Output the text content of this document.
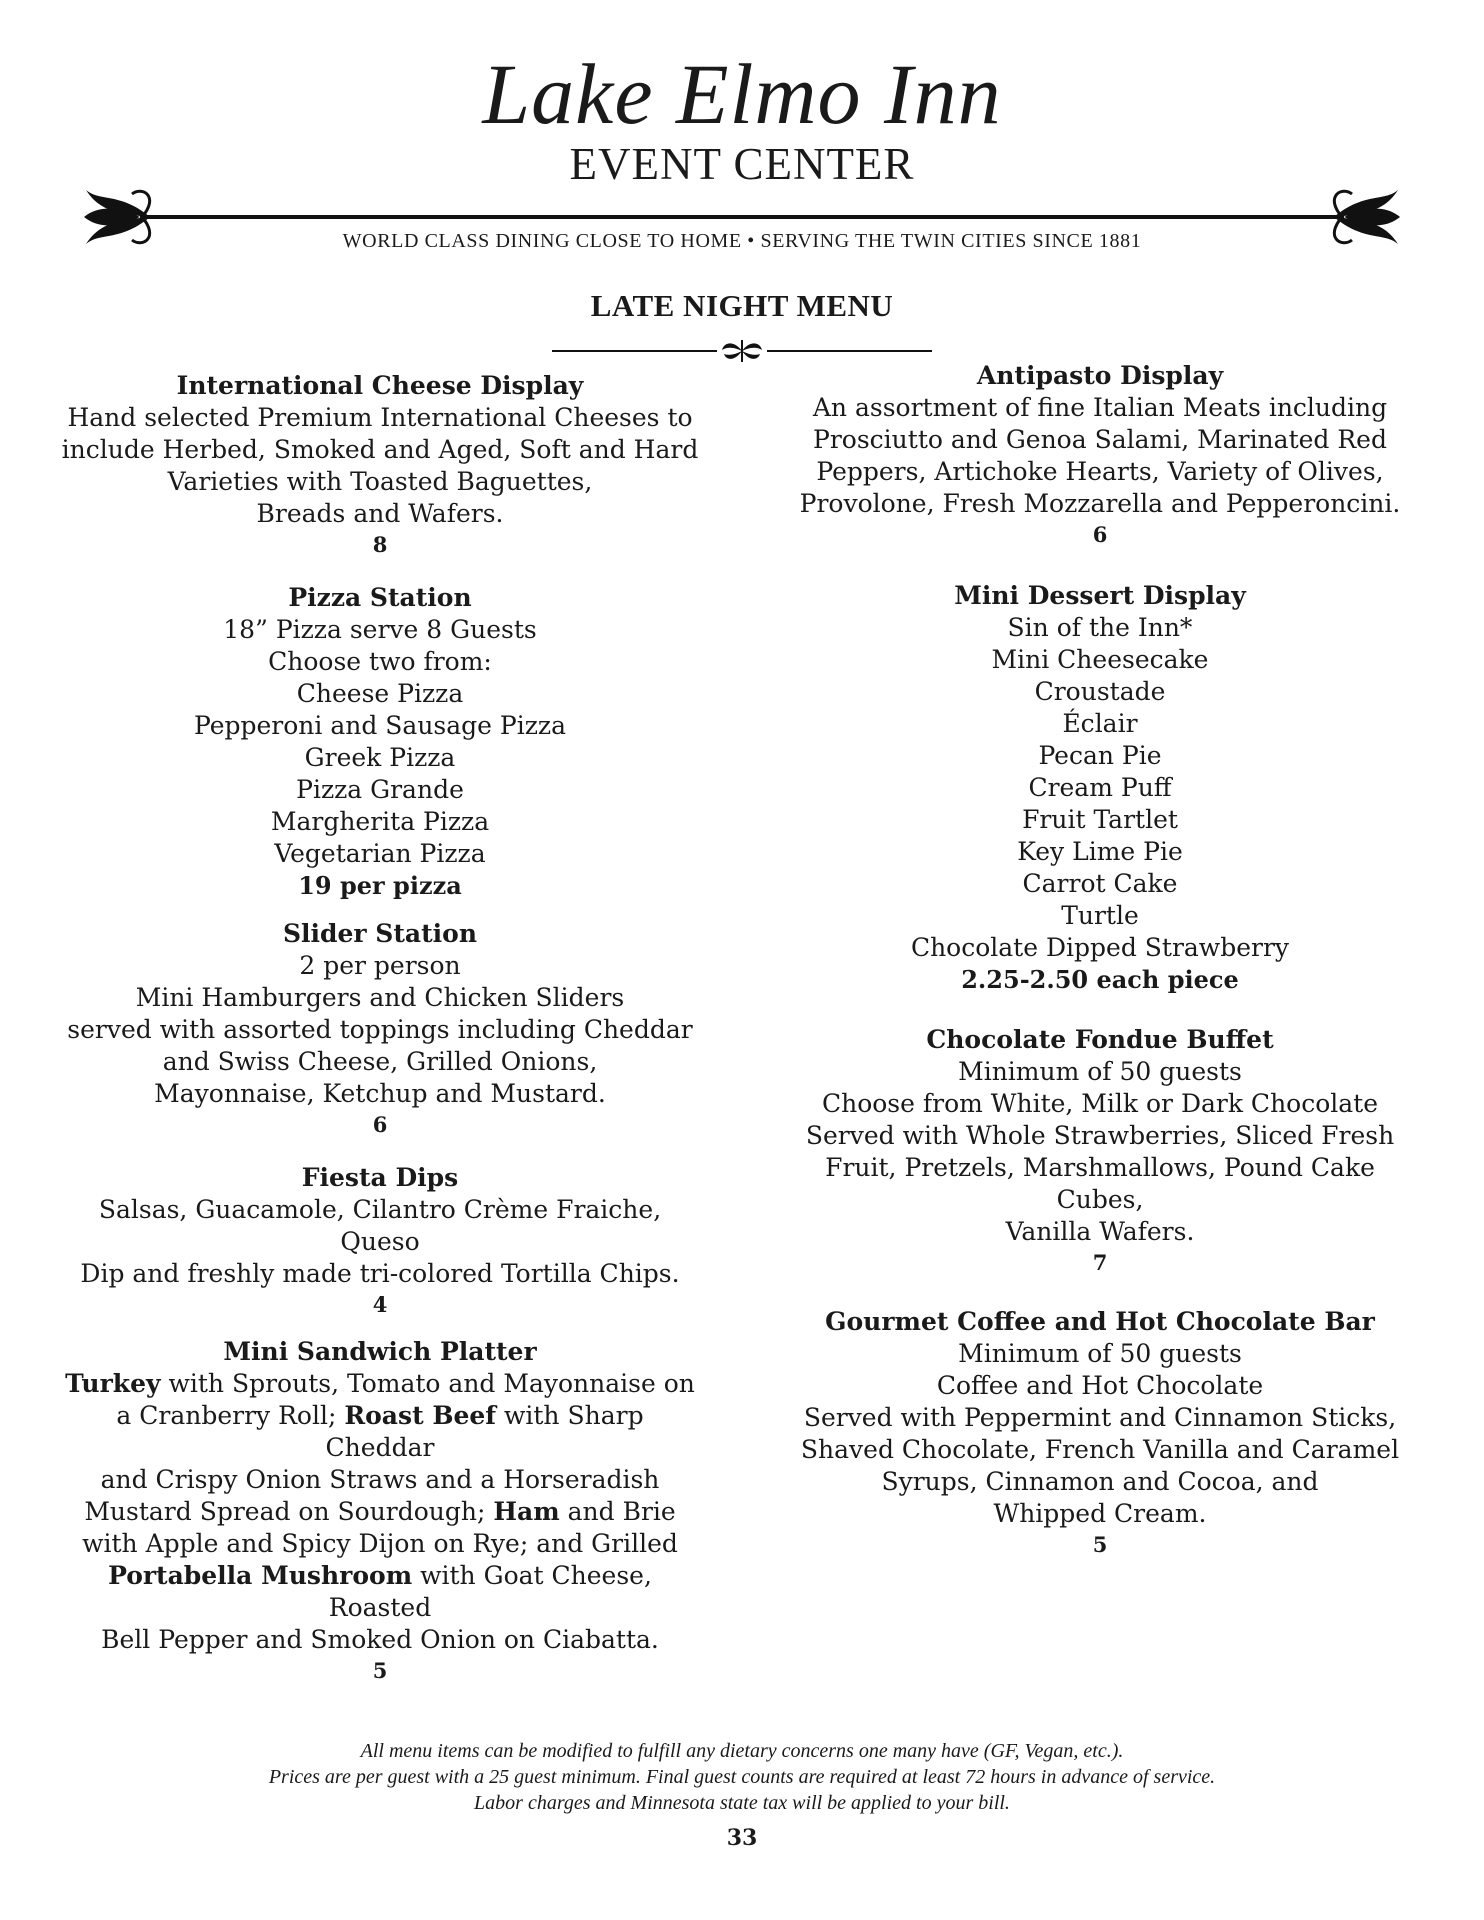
Lake Elmo Inn
EVENT CENTER
WORLD CLASS DINING CLOSE TO HOME • SERVING THE TWIN CITIES SINCE 1881
LATE NIGHT MENU
International Cheese Display
Hand selected Premium International Cheeses to
include Herbed, Smoked and Aged, Soft and Hard
Varieties with Toasted Baguettes,
Breads and Wafers.
8
Pizza Station
18” Pizza serve 8 Guests
Choose two from:
Cheese Pizza
Pepperoni and Sausage Pizza
Greek Pizza
Pizza Grande
Margherita Pizza
Vegetarian Pizza
19 per pizza
Slider Station
2 per person
Mini Hamburgers and Chicken Sliders
served with assorted toppings including Cheddar
and Swiss Cheese, Grilled Onions,
Mayonnaise, Ketchup and Mustard.
6
Fiesta Dips
Salsas, Guacamole, Cilantro Crème Fraiche, Queso
Dip and freshly made tri-colored Tortilla Chips.
4
Mini Sandwich Platter
Turkey with Sprouts, Tomato and Mayonnaise on
a Cranberry Roll; Roast Beef with Sharp Cheddar
and Crispy Onion Straws and a Horseradish
Mustard Spread on Sourdough; Ham and Brie
with Apple and Spicy Dijon on Rye; and Grilled
Portabella Mushroom with Goat Cheese, Roasted
Bell Pepper and Smoked Onion on Ciabatta.
5
Antipasto Display
An assortment of fine Italian Meats including
Prosciutto and Genoa Salami, Marinated Red
Peppers, Artichoke Hearts, Variety of Olives,
Provolone, Fresh Mozzarella and Pepperoncini.
6
Mini Dessert Display
Sin of the Inn*
Mini Cheesecake
Croustade
Éclair
Pecan Pie
Cream Puff
Fruit Tartlet
Key Lime Pie
Carrot Cake
Turtle
Chocolate Dipped Strawberry
2.25-2.50 each piece
Chocolate Fondue Buffet
Minimum of 50 guests
Choose from White, Milk or Dark Chocolate
Served with Whole Strawberries, Sliced Fresh
Fruit, Pretzels, Marshmallows, Pound Cake Cubes,
Vanilla Wafers.
7
Gourmet Coffee and Hot Chocolate Bar
Minimum of 50 guests
Coffee and Hot Chocolate
Served with Peppermint and Cinnamon Sticks,
Shaved Chocolate, French Vanilla and Caramel
Syrups, Cinnamon and Cocoa, and
Whipped Cream.
5
All menu items can be modified to fulfill any dietary concerns one many have (GF, Vegan, etc.).
Prices are per guest with a 25 guest minimum. Final guest counts are required at least 72 hours in advance of service.
Labor charges and Minnesota state tax will be applied to your bill.
33
